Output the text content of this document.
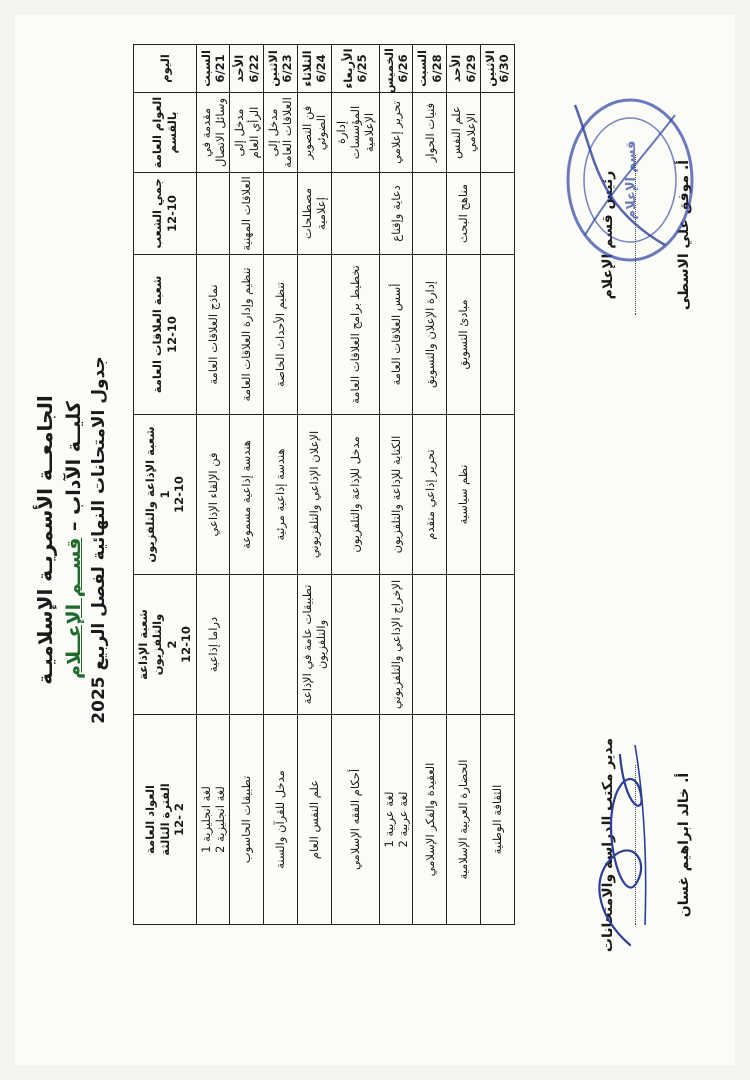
الجامعــة الأسمريـة الإسلاميـة كليــة الآداب – قســم الإعــلام

جدول الامتحانات النهائية لفصل الربيع 2025

اليوم	العوام العامة بالقسم	جمي الشعب 12-10	شعبة العلاقات العامة 12-10	شعبة الإذاعة والتلفزيون 1 12-10	شعبة الإذاعة والتلفزيون 2 12-10	العواد العامة الفترة الثالثة 2 -12

السبت 6/21	مقدمة في وسائل الاتصال		نماذج العلاقات العامة	فن الإلقاء الإذاعي	دراما إذاعية	لغة انجليزية 1
لغة انجليزية 2

الأحد 6/22	مدخل إلى الرأي العام	العلاقات المهنية	تنظيم وإدارة العلاقات العامة	هندسة إذاعية مسموعة		تطبيقات الحاسوب

الاثنين 6/23	مدخل إلى العلاقات العامة		تنظيم الأحداث الخاصة	هندسة إذاعية مرئية		مدخل للقرآن والسنة

الثلاثاء 6/24	فن التصوير الضوئي	مصطلحات إعلامية		الإعلان الإذاعي والتلفزيوني	تطبيقات عامة في الإذاعة والتلفزيون	علم النفس العام

الأربعاء 6/25	إدارة المؤسسات الإعلامية		تخطيط برامج العلاقات العامة	مدخل للإذاعة والتلفزيون		أحكام الفقه الإسلامي

الخميس 6/26	تحرير إعلامي	دعاية وإقناع	أسس العلاقات العامة	الكتابة للإذاعة والتلفزيون	الإخراج الإذاعي والتلفزيوني	لغة عربية 1
لغة عربية 2

السبت 6/28	فنيات الحوار		إدارة الإعلان والتسويق	تحرير إذاعي متقدم		العقيدة والفكر الإسلامي

الأحد 6/29	علم النفس الإعلامي	مناهج البحث	مبادئ التسويق	نظم سياسية		الحضارة العربية الإسلامية

الاثنين 6/30						الثقافة الوطنية	مدير مكتب الدراسة والامتحانات	أ. خالد ابراهيم غسان
رئيس قسم الإعلام	أ. موفق علي الاسطى
قسم الإعلام
